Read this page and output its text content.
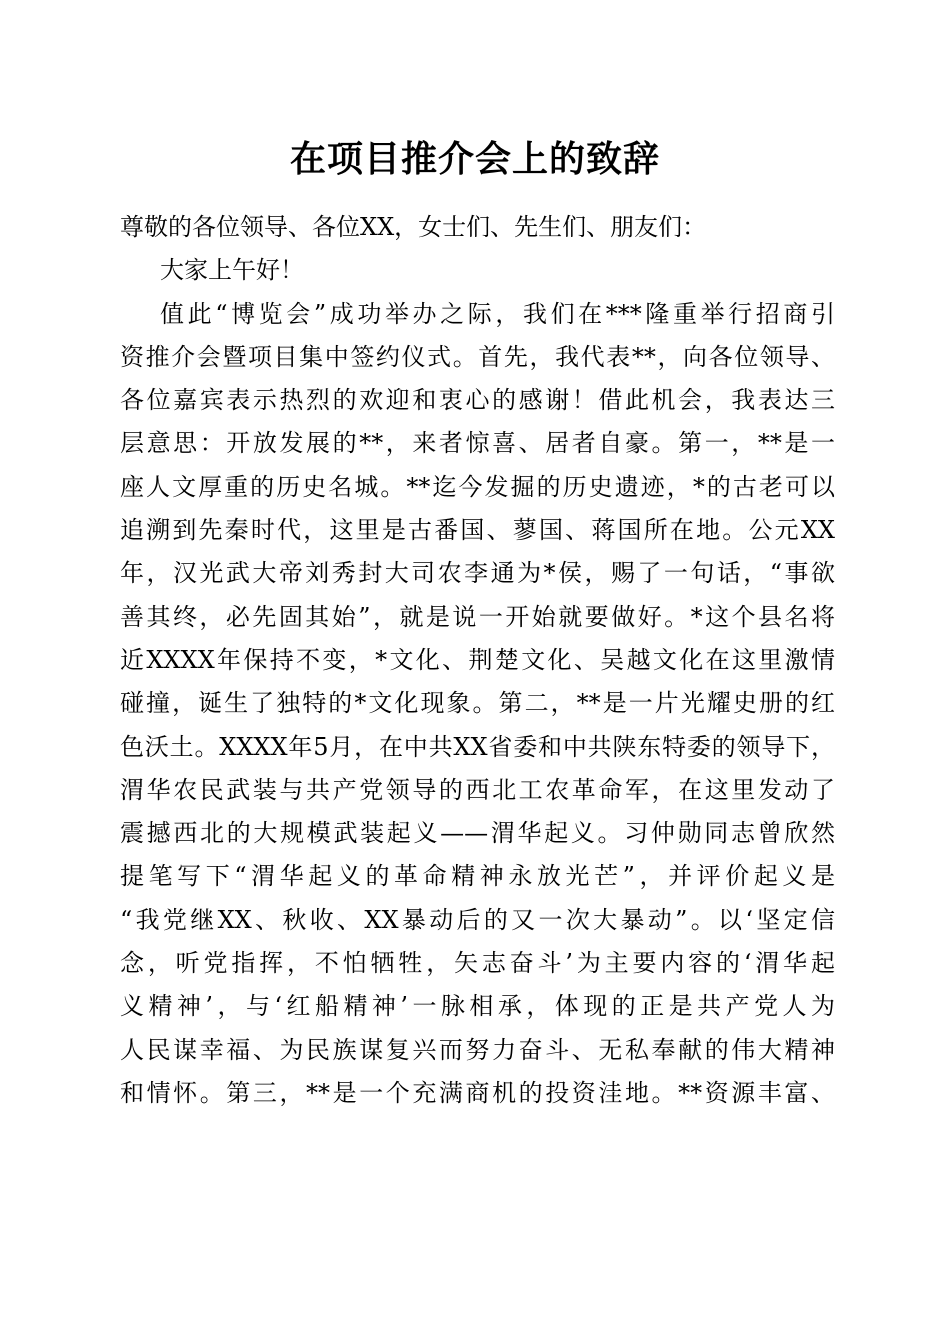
在项目推介会上的致辞
尊敬的各位领导、各位XX，女士们、先生们、朋友们：
大家上午好！
值此“博览会”成功举办之际，我们在***隆重举行招商引
资推介会暨项目集中签约仪式。首先，我代表**，向各位领导、
各位嘉宾表示热烈的欢迎和衷心的感谢！借此机会，我表达三
层意思：开放发展的**，来者惊喜、居者自豪。第一，**是一
座人文厚重的历史名城。**迄今发掘的历史遗迹，*的古老可以
追溯到先秦时代，这里是古番国、蓼国、蒋国所在地。公元XX
年，汉光武大帝刘秀封大司农李通为*侯，赐了一句话，“事欲
善其终，必先固其始”，就是说一开始就要做好。*这个县名将
近XXXX年保持不变，*文化、荆楚文化、吴越文化在这里激情
碰撞，诞生了独特的*文化现象。第二，**是一片光耀史册的红
色沃土。XXXX年5月，在中共XX省委和中共陕东特委的领导下，
渭华农民武装与共产党领导的西北工农革命军，在这里发动了
震撼西北的大规模武装起义——渭华起义。习仲勋同志曾欣然
提笔写下“渭华起义的革命精神永放光芒”，并评价起义是
“我党继XX、秋收、XX暴动后的又一次大暴动”。以‘坚定信
念，听党指挥，不怕牺牲，矢志奋斗’为主要内容的‘渭华起
义精神’，与‘红船精神’一脉相承，体现的正是共产党人为
人民谋幸福、为民族谋复兴而努力奋斗、无私奉献的伟大精神
和情怀。第三，**是一个充满商机的投资洼地。**资源丰富、
